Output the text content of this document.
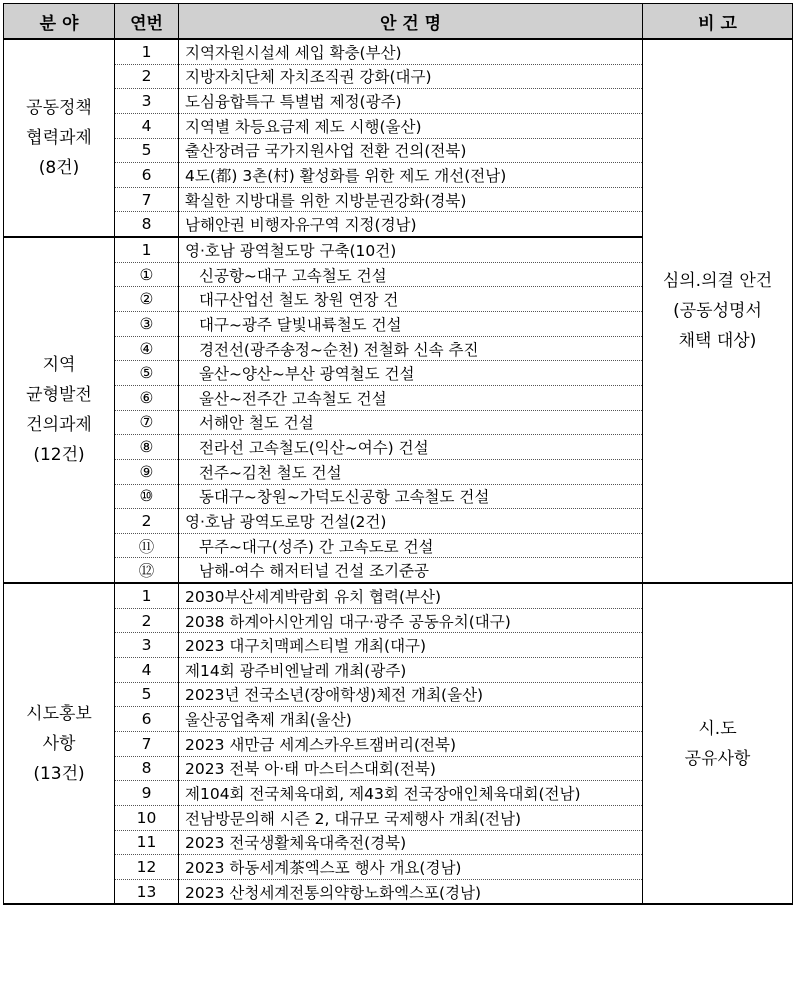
분 야	연번	안 건 명	비 고

공동정책
협력과제
(8건)	1	지역자원시설세 세입 확충(부산)	심의.의결 안건
(공동성명서
채택 대상)

	2	지방자치단체 자치조직권 강화(대구)	
	3	도심융합특구 특별법 제정(광주)	
	4	지역별 차등요금제 제도 시행(울산)	
	5	출산장려금 국가지원사업 전환 건의(전북)	
	6	4도(都) 3촌(村) 활성화를 위한 제도 개선(전남)	
	7	확실한 지방대를 위한 지방분권강화(경북)	
	8	남해안권 비행자유구역 지정(경남)	

지역
균형발전
건의과제
(12건)	1	영·호남 광역철도망 구축(10건)	
	①	신공항~대구 고속철도 건설	
	②	대구산업선 철도 창원 연장 건	
	③	대구~광주 달빛내륙철도 건설	
	④	경전선(광주송정~순천) 전철화 신속 추진	
	⑤	울산~양산~부산 광역철도 건설	
	⑥	울산~전주간 고속철도 건설	
	⑦	서해안 철도 건설	
	⑧	전라선 고속철도(익산~여수) 건설	
	⑨	전주~김천 철도 건설	
	⑩	동대구~창원~가덕도신공항 고속철도 건설	
	2	영·호남 광역도로망 건설(2건)	
	⑪	무주~대구(성주) 간 고속도로 건설	
	⑫	남해-여수 해저터널 건설 조기준공	

시도홍보
사항
(13건)	1	2030부산세계박람회 유치 협력(부산)	시.도
공유사항

	2	2038 하계아시안게임 대구·광주 공동유치(대구)	
	3	2023 대구치맥페스티벌 개최(대구)	
	4	제14회 광주비엔날레 개최(광주)	
	5	2023년 전국소년(장애학생)체전 개최(울산)	
	6	울산공업축제 개최(울산)	
	7	2023 새만금 세계스카우트잼버리(전북)	
	8	2023 전북 아·태 마스터스대회(전북)	
	9	제104회 전국체육대회, 제43회 전국장애인체육대회(전남)	
	10	전남방문의해 시즌 2, 대규모 국제행사 개최(전남)	
	11	2023 전국생활체육대축전(경북)	
	12	2023 하동세계茶엑스포 행사 개요(경남)	
	13	2023 산청세계전통의약항노화엑스포(경남)	
